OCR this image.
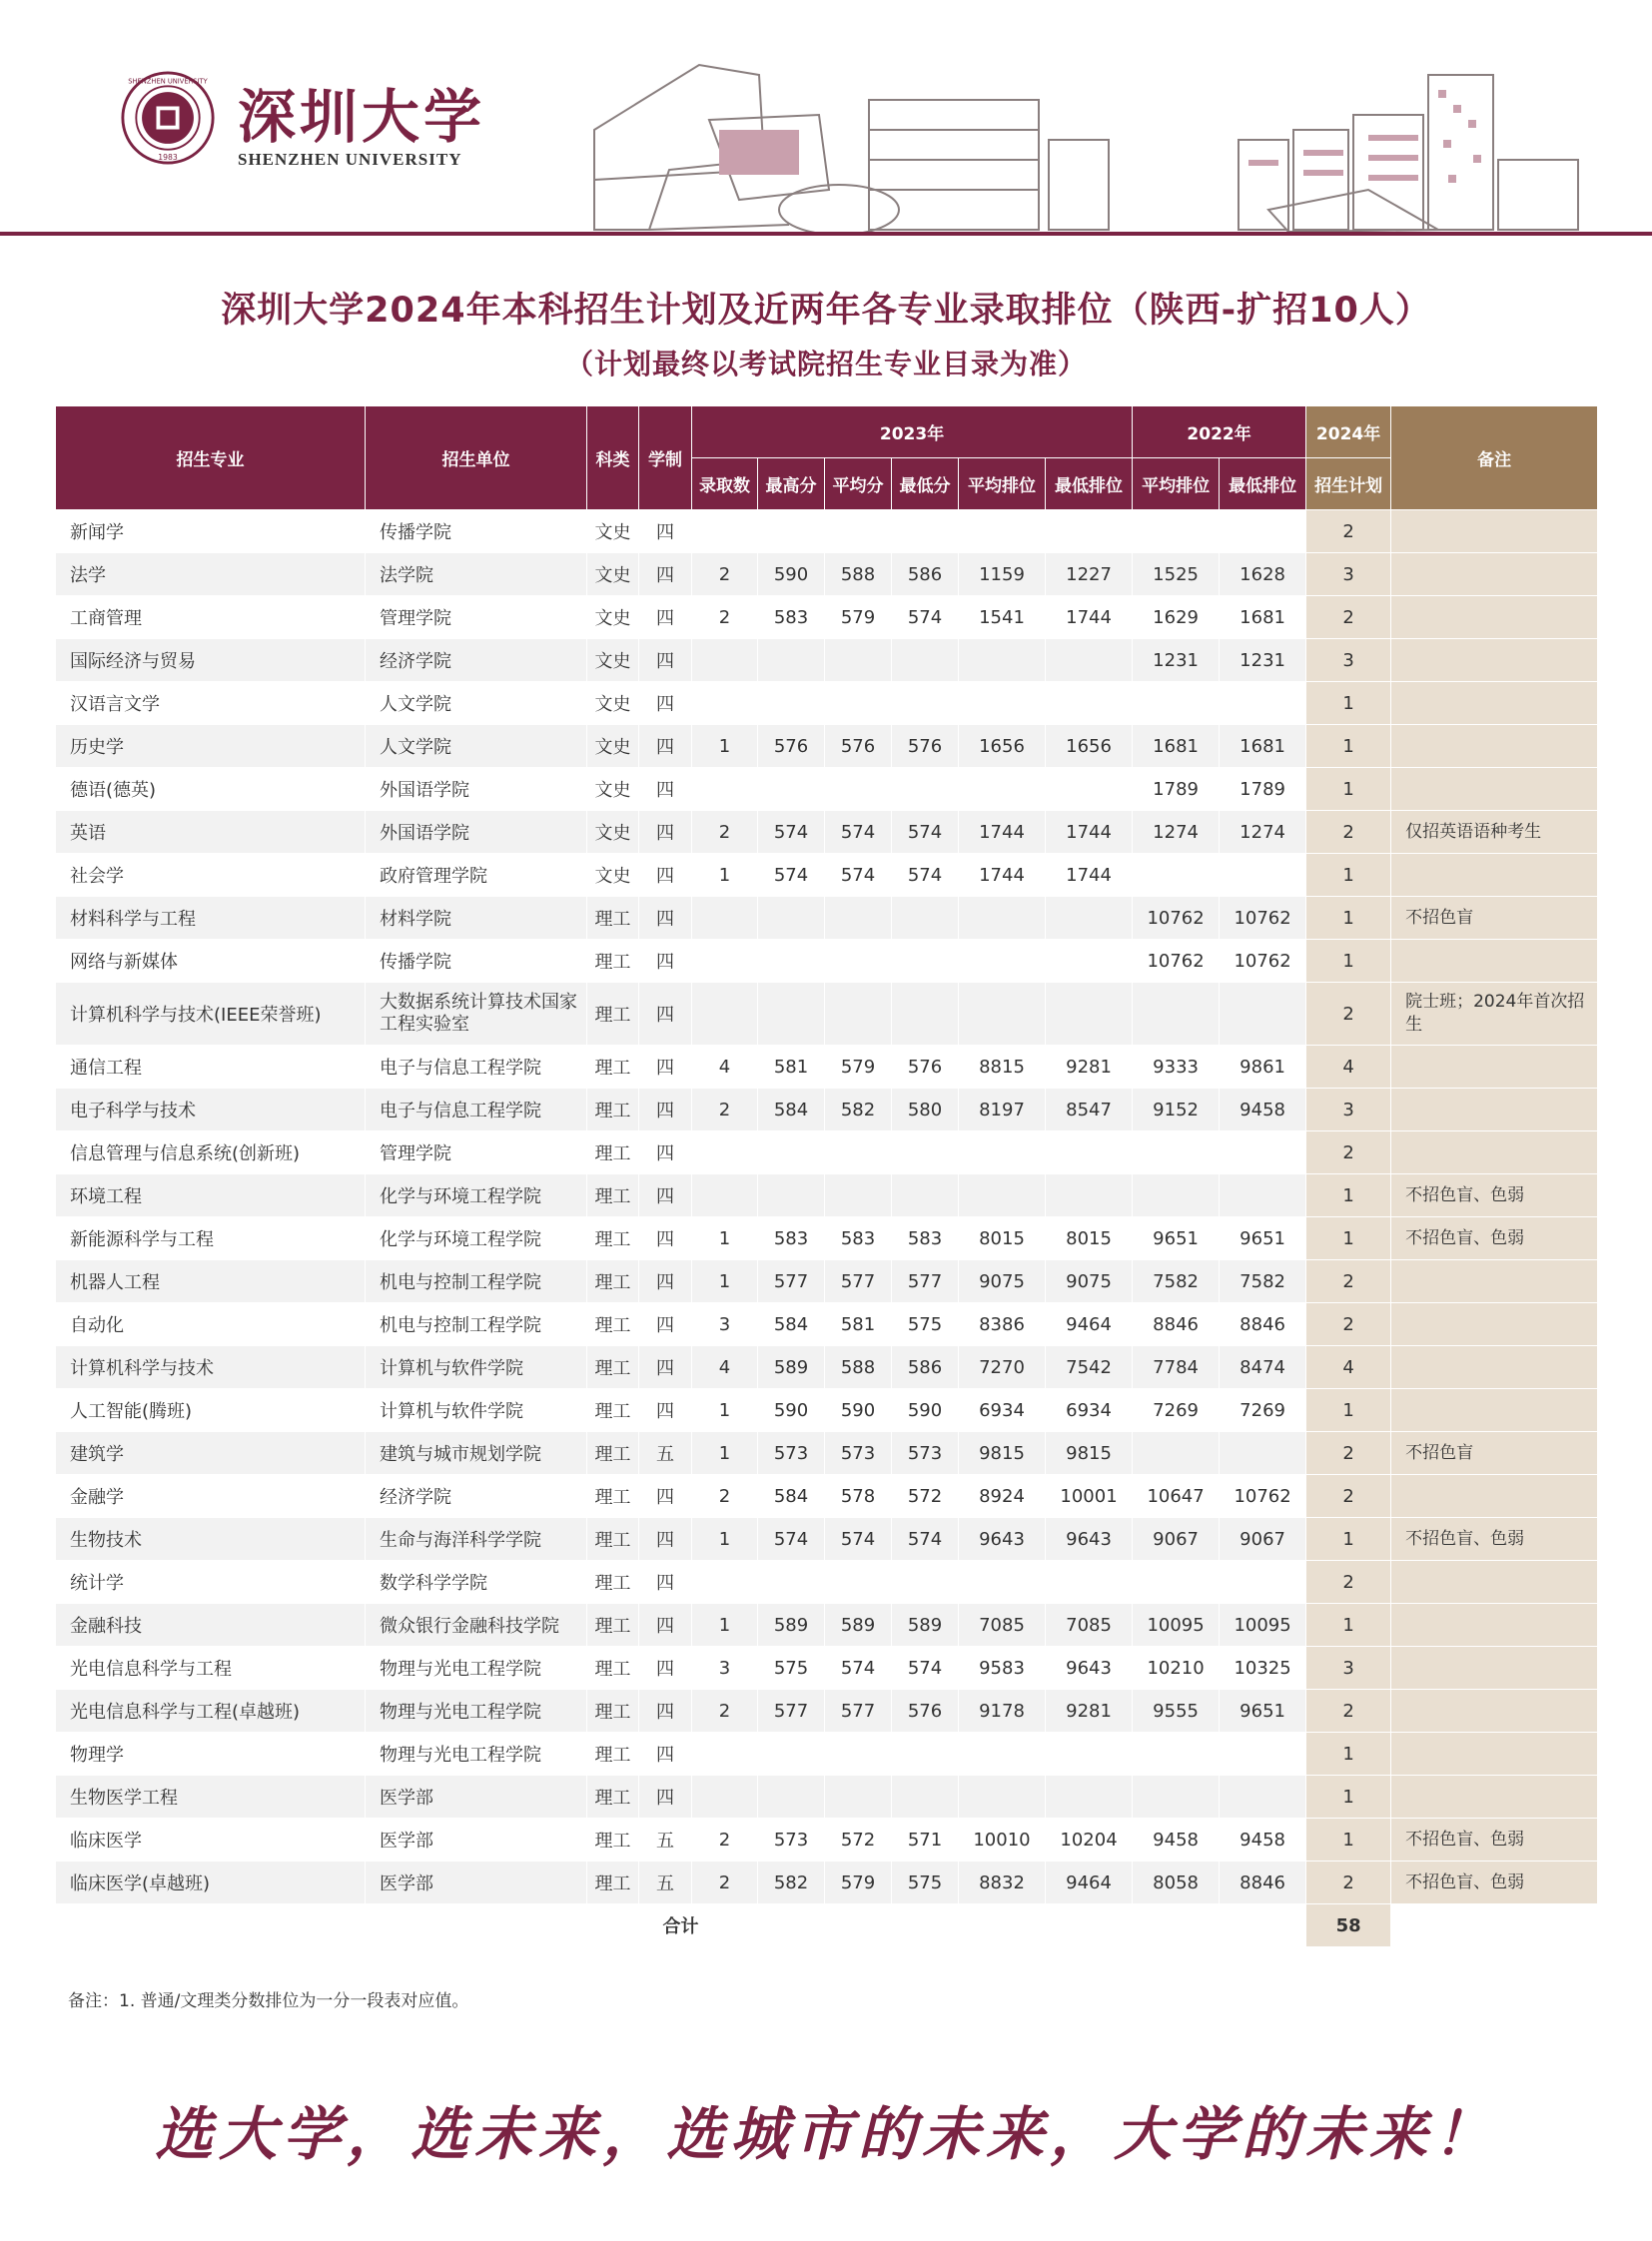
SHENZHEN UNIVERSITY
1983
深圳大学
SHENZHEN UNIVERSITY
深圳大学2024年本科招生计划及近两年各专业录取排位（陕西-扩招10人）
（计划最终以考试院招生专业目录为准）
招生专业	招生单位	科类	学制	2023年						2022年		2024年	备注
				录取数	最高分	平均分	最低分	平均排位	最低排位	平均排位	最低排位	招生计划	
新闻学	传播学院	文史	四									2	
法学	法学院	文史	四	2	590	588	586	1159	1227	1525	1628	3	
工商管理	管理学院	文史	四	2	583	579	574	1541	1744	1629	1681	2	
国际经济与贸易	经济学院	文史	四							1231	1231	3	
汉语言文学	人文学院	文史	四									1	
历史学	人文学院	文史	四	1	576	576	576	1656	1656	1681	1681	1	
德语(德英)	外国语学院	文史	四							1789	1789	1	
英语	外国语学院	文史	四	2	574	574	574	1744	1744	1274	1274	2	仅招英语语种考生
社会学	政府管理学院	文史	四	1	574	574	574	1744	1744			1	
材料科学与工程	材料学院	理工	四							10762	10762	1	不招色盲
网络与新媒体	传播学院	理工	四							10762	10762	1	
计算机科学与技术(IEEE荣誉班)	大数据系统计算技术国家工程实验室	理工	四									2	院士班；2024年首次招生
通信工程	电子与信息工程学院	理工	四	4	581	579	576	8815	9281	9333	9861	4	
电子科学与技术	电子与信息工程学院	理工	四	2	584	582	580	8197	8547	9152	9458	3	
信息管理与信息系统(创新班)	管理学院	理工	四									2	
环境工程	化学与环境工程学院	理工	四									1	不招色盲、色弱
新能源科学与工程	化学与环境工程学院	理工	四	1	583	583	583	8015	8015	9651	9651	1	不招色盲、色弱
机器人工程	机电与控制工程学院	理工	四	1	577	577	577	9075	9075	7582	7582	2	
自动化	机电与控制工程学院	理工	四	3	584	581	575	8386	9464	8846	8846	2	
计算机科学与技术	计算机与软件学院	理工	四	4	589	588	586	7270	7542	7784	8474	4	
人工智能(腾班)	计算机与软件学院	理工	四	1	590	590	590	6934	6934	7269	7269	1	
建筑学	建筑与城市规划学院	理工	五	1	573	573	573	9815	9815			2	不招色盲
金融学	经济学院	理工	四	2	584	578	572	8924	10001	10647	10762	2	
生物技术	生命与海洋科学学院	理工	四	1	574	574	574	9643	9643	9067	9067	1	不招色盲、色弱
统计学	数学科学学院	理工	四									2	
金融科技	微众银行金融科技学院	理工	四	1	589	589	589	7085	7085	10095	10095	1	
光电信息科学与工程	物理与光电工程学院	理工	四	3	575	574	574	9583	9643	10210	10325	3	
光电信息科学与工程(卓越班)	物理与光电工程学院	理工	四	2	577	577	576	9178	9281	9555	9651	2	
物理学	物理与光电工程学院	理工	四									1	
生物医学工程	医学部	理工	四									1	
临床医学	医学部	理工	五	2	573	572	571	10010	10204	9458	9458	1	不招色盲、色弱
临床医学(卓越班)	医学部	理工	五	2	582	579	575	8832	9464	8058	8846	2	不招色盲、色弱
合计												58	
备注：1. 普通/文理类分数排位为一分一段表对应值。
选大学，选未来，选城市的未来，大学的未来！
